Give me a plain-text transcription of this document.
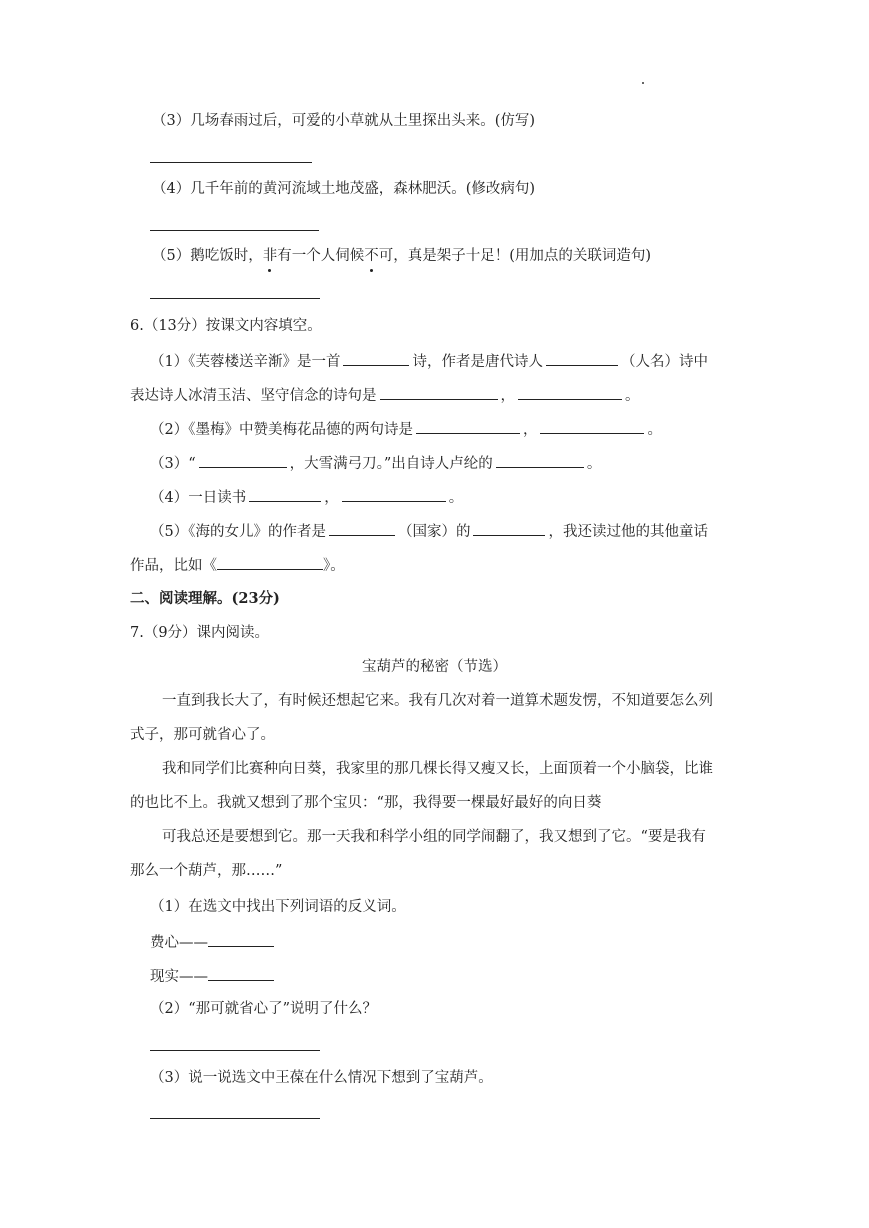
（3）几场春雨过后，可爱的小草就从土里探出头来。(仿写)
（4）几千年前的黄河流域土地茂盛，森林肥沃。(修改病句)
（5）鹅吃饭时，非有一个人伺候不可，真是架子十足！(用加点的关联词造句)
6.（13分）按课文内容填空。
（1）《芙蓉楼送辛渐》是一首	诗，作者是唐代诗人	（人名）诗中
表达诗人冰清玉洁、坚守信念的诗句是	，	。
（2）《墨梅》中赞美梅花品德的两句诗是	，	。
（3）“	，大雪满弓刀。”出自诗人卢纶的	。
（4）一日读书	，	。
（5）《海的女儿》的作者是	（国家）的	，我还读过他的其他童话
作品，比如《	》。
二、阅读理解。(23分)
7.（9分）课内阅读。
宝葫芦的秘密（节选）
一直到我长大了，有时候还想起它来。我有几次对着一道算术题发愣，不知道要怎么列
式子，那可就省心了。
我和同学们比赛种向日葵，我家里的那几棵长得又瘦又长，上面顶着一个小脑袋，比谁
的也比不上。我就又想到了那个宝贝：“那，我得要一棵最好最好的向日葵
可我总还是要想到它。那一天我和科学小组的同学闹翻了，我又想到了它。“要是我有
那么一个葫芦，那……”
（1）在选文中找出下列词语的反义词。
费心——
现实——
（2）“那可就省心了”说明了什么？
（3）说一说选文中王葆在什么情况下想到了宝葫芦。
